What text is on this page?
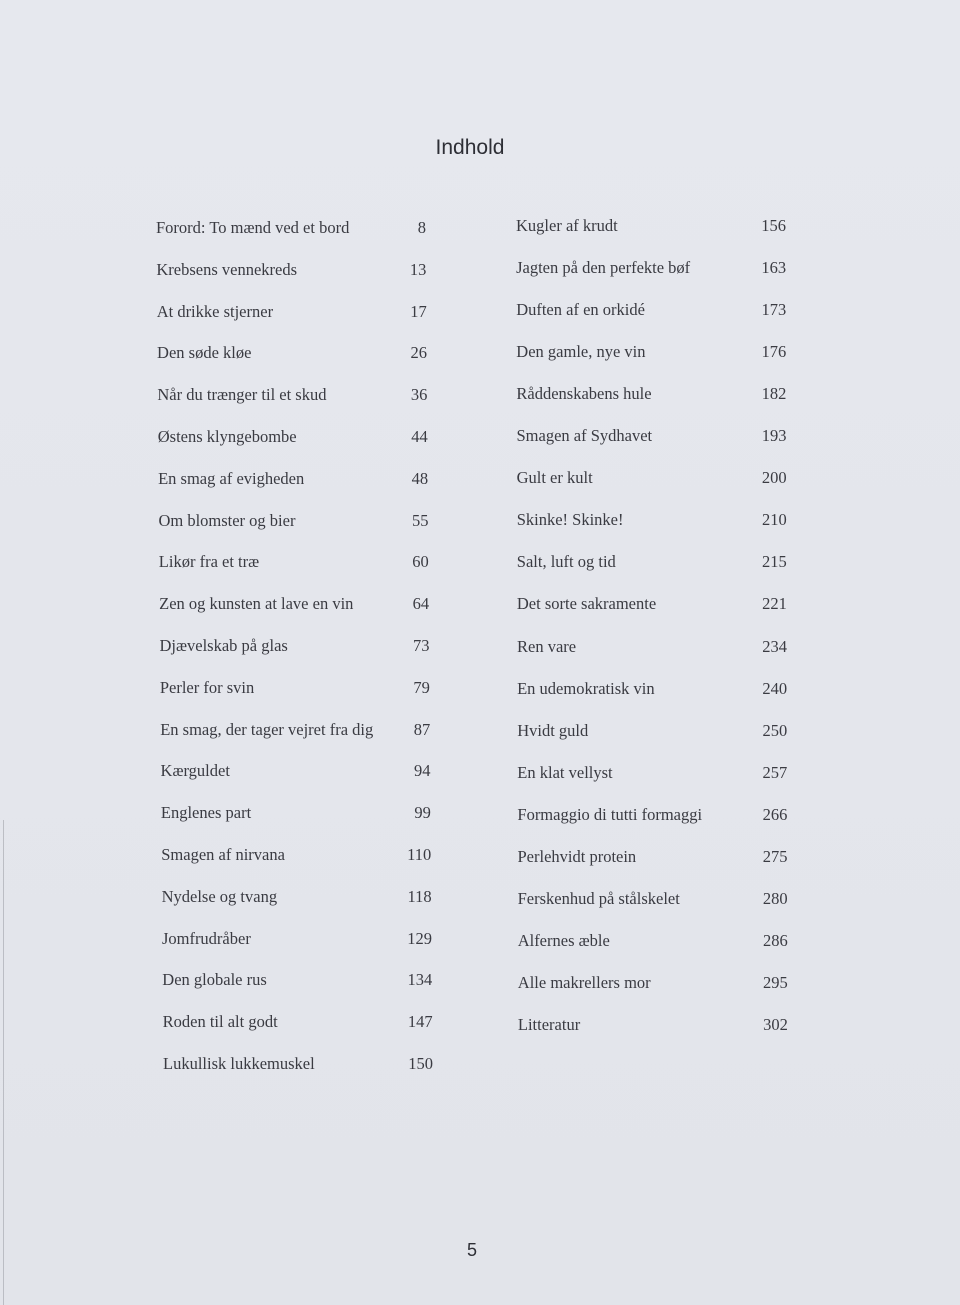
Indhold
Forord: To mænd ved et bord	8
Krebsens vennekreds	13
At drikke stjerner	17
Den søde kløe	26
Når du trænger til et skud	36
Østens klyngebombe	44
En smag af evigheden	48
Om blomster og bier	55
Likør fra et træ	60
Zen og kunsten at lave en vin	64
Djævelskab på glas	73
Perler for svin	79
En smag, der tager vejret fra dig 87
Kærguldet	94
Englenes part	99
Smagen af nirvana	110
Nydelse og tvang	118
Jomfrudråber	129
Den globale rus	134
Roden til alt godt	147
Lukullisk lukkemuskel	150
Kugler af krudt	156
Jagten på den perfekte bøf	163
Duften af en orkidé	173
Den gamle, nye vin	176
Råddenskabens hule	182
Smagen af Sydhavet	193
Gult er kult	200
Skinke! Skinke!	210
Salt, luft og tid	215
Det sorte sakramente	221
Ren vare	234
En udemokratisk vin	240
Hvidt guld	250
En klat vellyst	257
Formaggio di tutti formaggi	266
Perlehvidt protein	275
Ferskenhud på stålskelet	280
Alfernes æble	286
Alle makrellers mor	295
Litteratur	302
5
